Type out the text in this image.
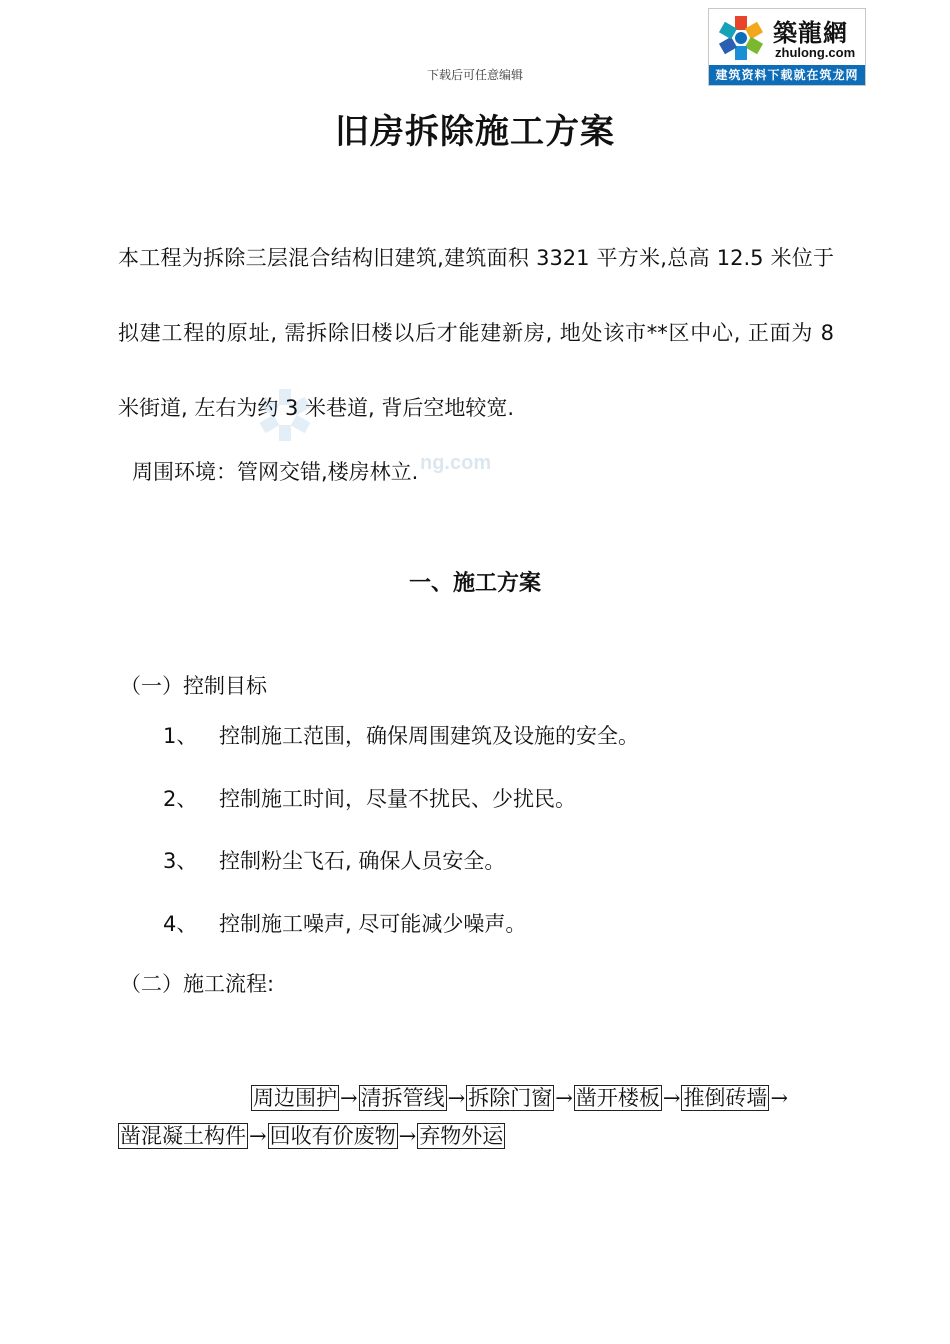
下载后可任意编辑
築龍網
zhulong.com
建筑资料下载就在筑龙网
旧房拆除施工方案
ng.com
本工程为拆除三层混合结构旧建筑,建筑面积 3321 平方米,总高 12.5 米位于拟建工程的原址, 需拆除旧楼以后才能建新房, 地处该市**区中心, 正面为 8 米街道, 左右为约 3 米巷道, 背后空地较宽.
周围环境：管网交错,楼房林立.
一、施工方案
（一）控制目标
1、 控制施工范围，确保周围建筑及设施的安全。
2、 控制施工时间，尽量不扰民、少扰民。
3、 控制粉尘飞石, 确保人员安全。
4、 控制施工噪声, 尽可能减少噪声。
（二）施工流程:
周边围护 → 清拆管线 → 拆除门窗 → 凿开楼板 → 推倒砖墙 →
凿混凝土构件 → 回收有价废物 → 弃物外运
